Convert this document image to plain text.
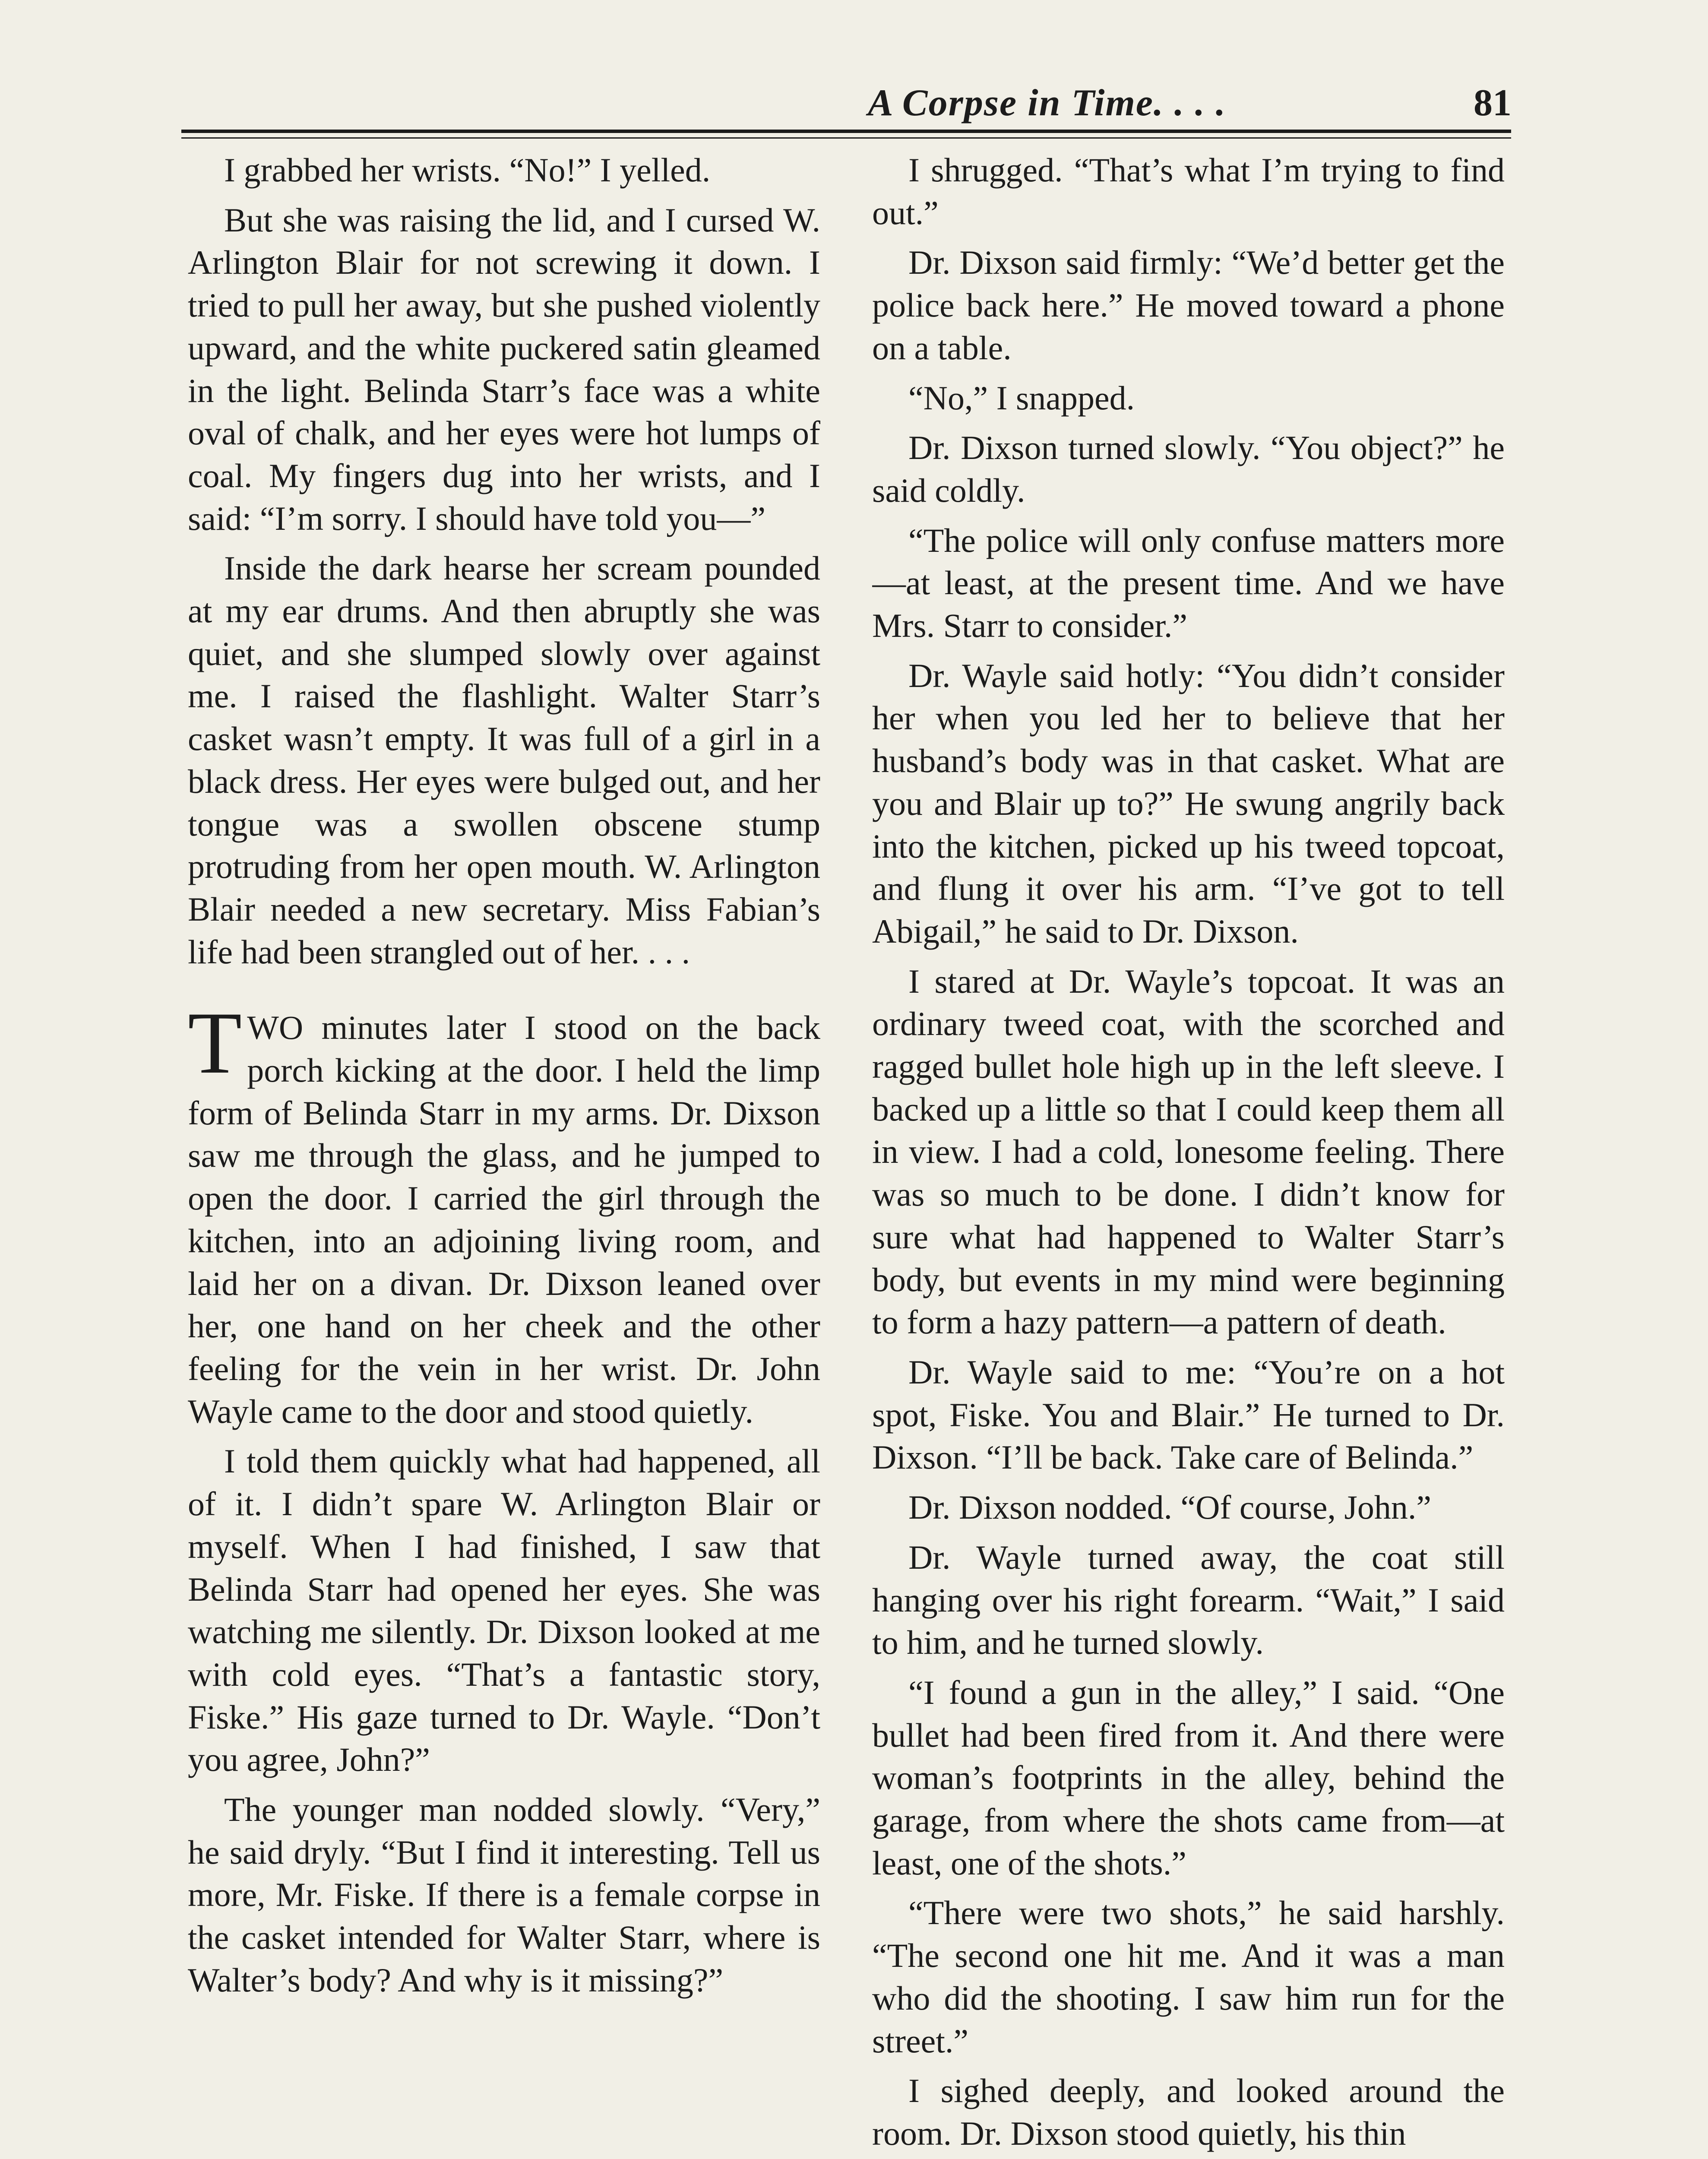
A Corpse in Time. . . .	81

I grabbed her wrists. “No!” I yelled.

But she was raising the lid, and I cursed W. Arlington Blair for not screwing it down. I tried to pull her away, but she pushed violently upward, and the white puckered satin gleamed in the light. Belinda Starr’s face was a white oval of chalk, and her eyes were hot lumps of coal. My fingers dug into her wrists, and I said: “I’m sorry. I should have told you—”

Inside the dark hearse her scream pounded at my ear drums. And then abruptly she was quiet, and she slumped slowly over against me. I raised the flashlight. Walter Starr’s casket wasn’t empty. It was full of a girl in a black dress. Her eyes were bulged out, and her tongue was a swollen obscene stump protruding from her open mouth. W. Arlington Blair needed a new secretary. Miss Fabian’s life had been strangled out of her. . . .

TWO minutes later I stood on the back porch kicking at the door. I held the limp form of Belinda Starr in my arms. Dr. Dixson saw me through the glass, and he jumped to open the door. I carried the girl through the kitchen, into an adjoining living room, and laid her on a divan. Dr. Dixson leaned over her, one hand on her cheek and the other feeling for the vein in her wrist. Dr. John Wayle came to the door and stood quietly.

I told them quickly what had happened, all of it. I didn’t spare W. Arlington Blair or myself. When I had finished, I saw that Belinda Starr had opened her eyes. She was watching me silently. Dr. Dixson looked at me with cold eyes. “That’s a fantastic story, Fiske.” His gaze turned to Dr. Wayle. “Don’t you agree, John?”

The younger man nodded slowly. “Very,” he said dryly. “But I find it interesting. Tell us more, Mr. Fiske. If there is a female corpse in the casket intended for Walter Starr, where is Walter’s body? And why is it missing?”

I shrugged. “That’s what I’m trying to find out.”

Dr. Dixson said firmly: “We’d better get the police back here.” He moved toward a phone on a table.

“No,” I snapped.

Dr. Dixson turned slowly. “You object?” he said coldly.

“The police will only confuse matters more—at least, at the present time. And we have Mrs. Starr to consider.”

Dr. Wayle said hotly: “You didn’t consider her when you led her to believe that her husband’s body was in that casket. What are you and Blair up to?” He swung angrily back into the kitchen, picked up his tweed topcoat, and flung it over his arm. “I’ve got to tell Abigail,” he said to Dr. Dixson.

I stared at Dr. Wayle’s topcoat. It was an ordinary tweed coat, with the scorched and ragged bullet hole high up in the left sleeve. I backed up a little so that I could keep them all in view. I had a cold, lonesome feeling. There was so much to be done. I didn’t know for sure what had happened to Walter Starr’s body, but events in my mind were beginning to form a hazy pattern—a pattern of death.

Dr. Wayle said to me: “You’re on a hot spot, Fiske. You and Blair.” He turned to Dr. Dixson. “I’ll be back. Take care of Belinda.”

Dr. Dixson nodded. “Of course, John.”

Dr. Wayle turned away, the coat still hanging over his right forearm. “Wait,” I said to him, and he turned slowly.

“I found a gun in the alley,” I said. “One bullet had been fired from it. And there were woman’s footprints in the alley, behind the garage, from where the shots came from—at least, one of the shots.”

“There were two shots,” he said harshly. “The second one hit me. And it was a man who did the shooting. I saw him run for the street.”

I sighed deeply, and looked around the room. Dr. Dixson stood quietly, his thin
